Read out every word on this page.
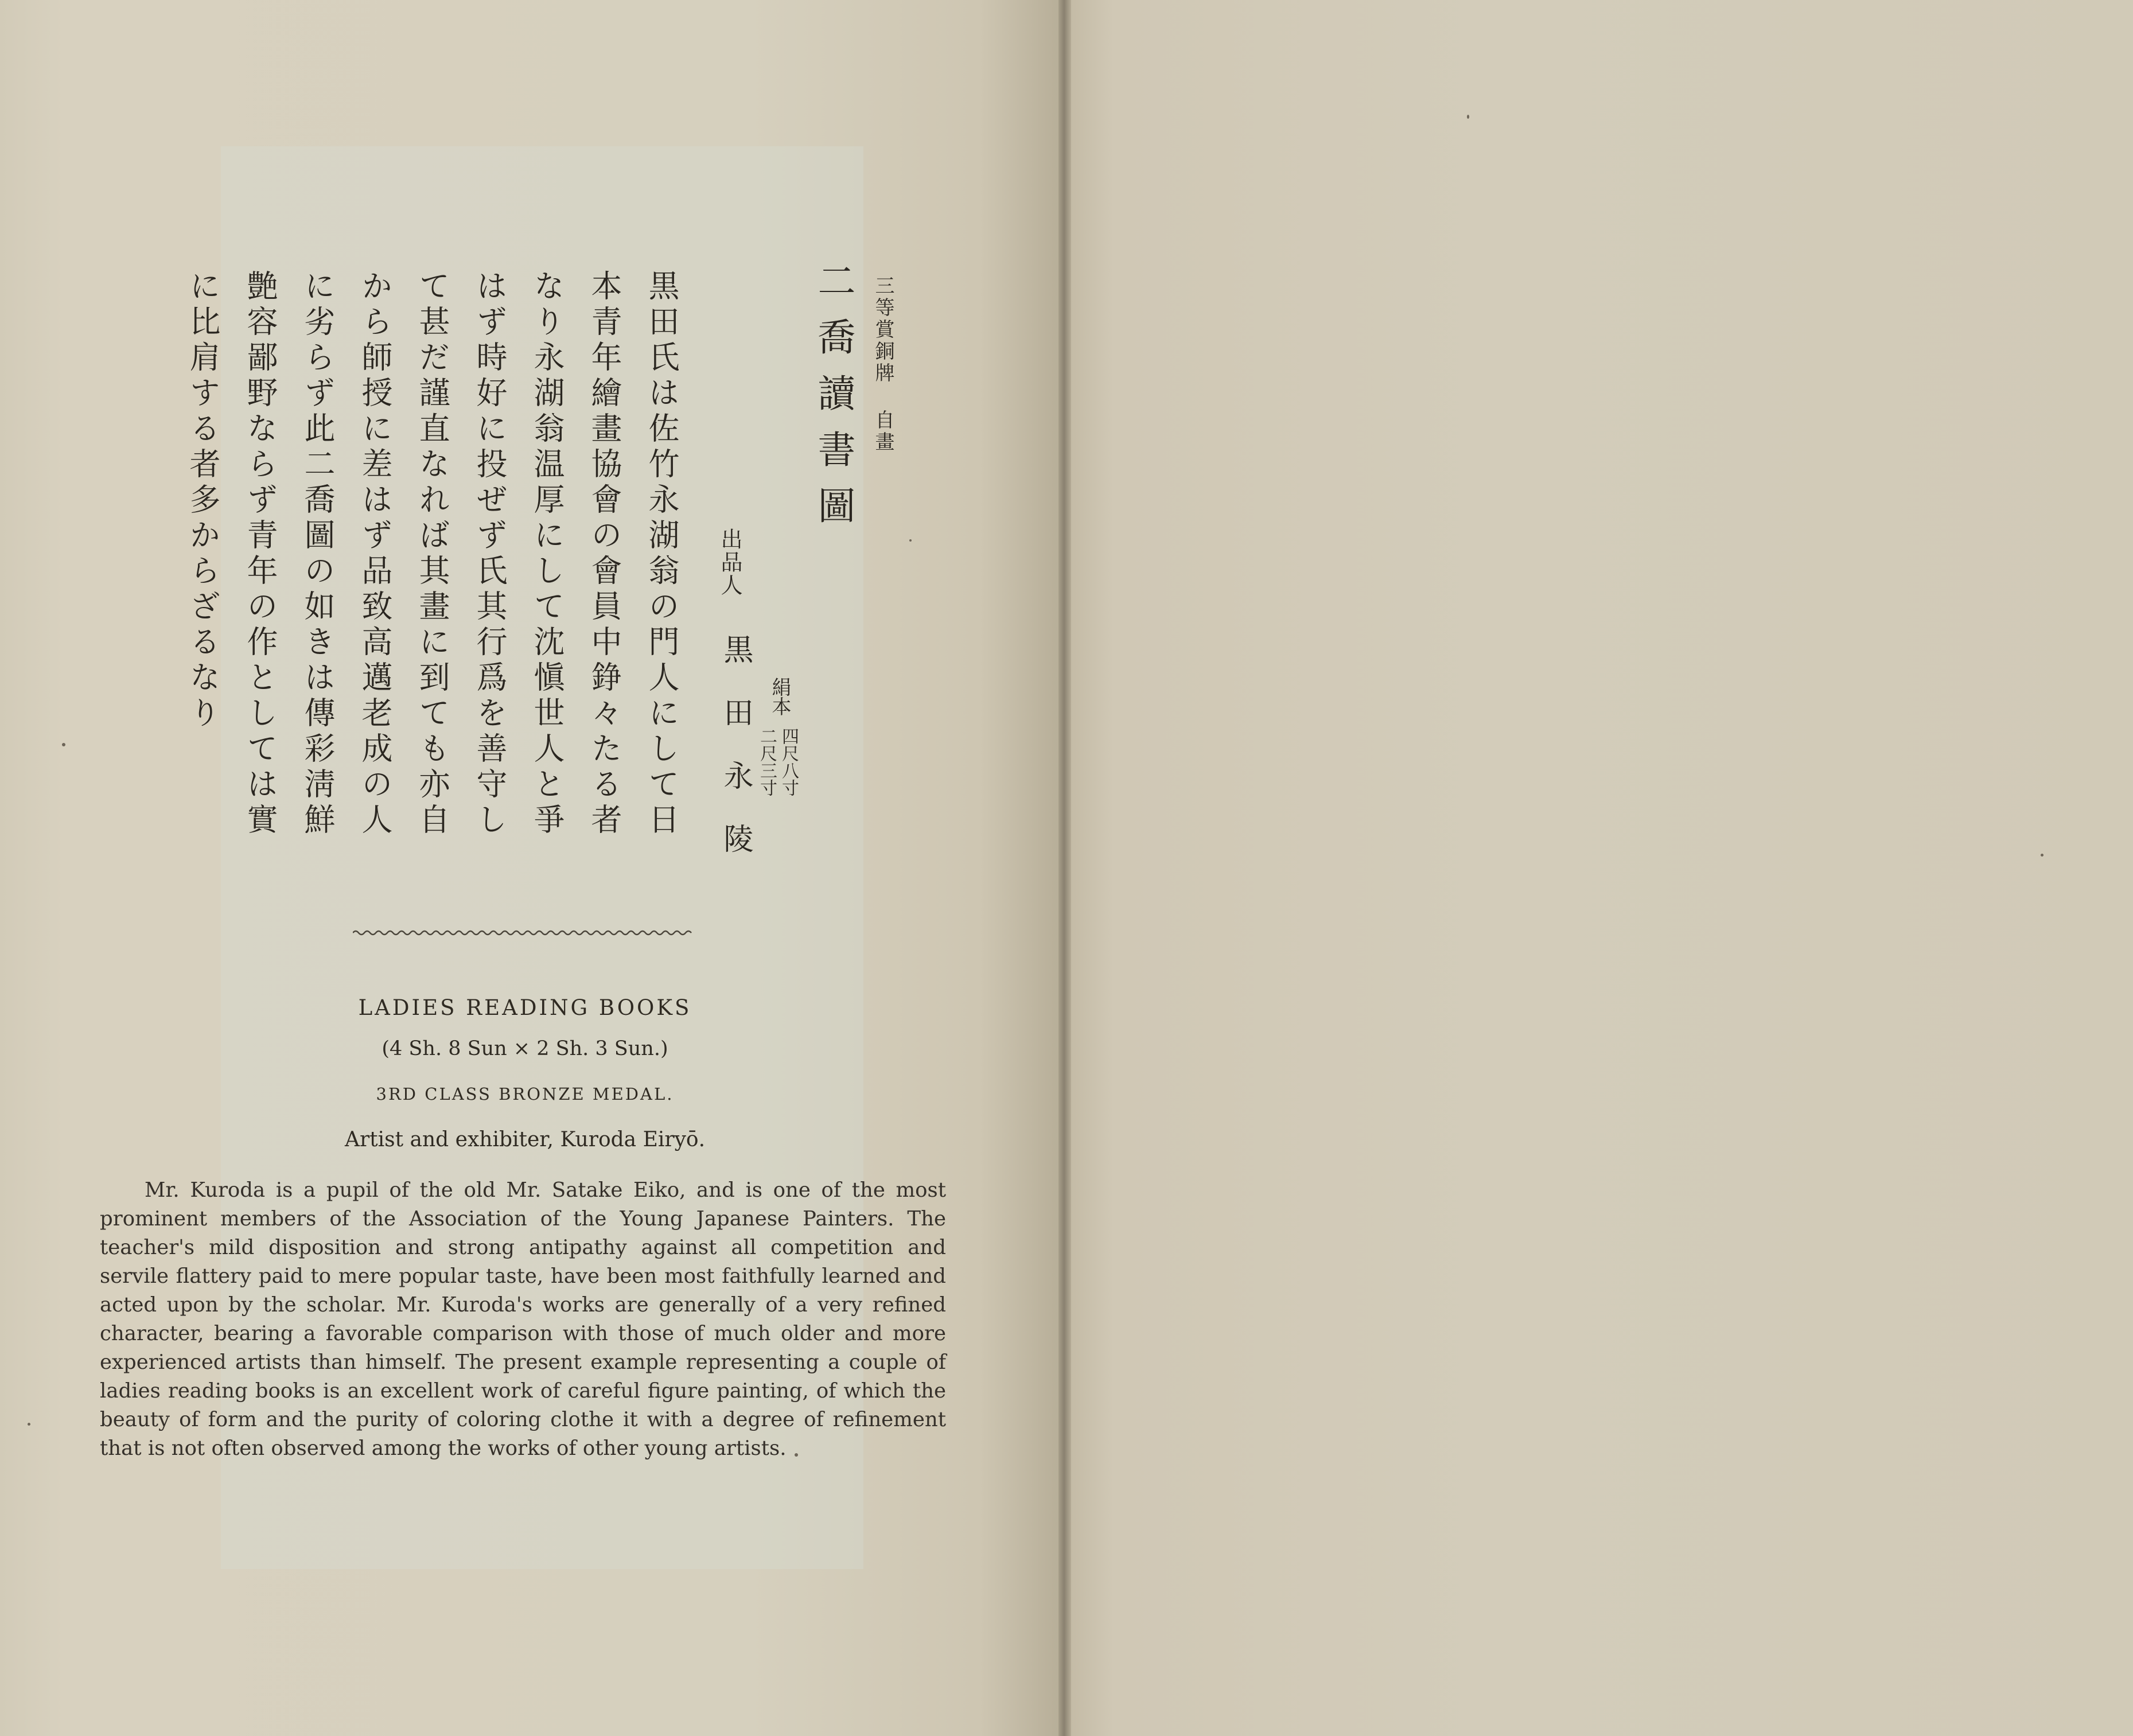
三等賞銅牌 自畫
二喬讀書圖
絹本
四尺八寸
二尺三寸
出品人
黒田永陵
黒田氏は佐竹永湖翁の門人にして日
本青年繪畫協會の會員中錚々たる者
なり永湖翁温厚にして沈愼世人と爭
はず時好に投ぜず氏其行爲を善守し
て甚だ謹直なれば其畫に到ても亦自
から師授に差はず品致高邁老成の人
に劣らず此二喬圖の如きは傳彩淸鮮
艶容鄙野ならず青年の作としては實
に比肩する者多からざるなり
LADIES READING BOOKS
(4 Sh. 8 Sun × 2 Sh. 3 Sun.)
3RD CLASS BRONZE MEDAL.
Artist and exhibiter, Kuroda Eiryō.
Mr. Kuroda is a pupil of the old Mr. Satake Eiko, and is one of the most prominent members of the Association of the Young Japanese Painters. The teacher's mild disposition and strong antipathy against all competition and servile flattery paid to mere popular taste, have been most faithfully learned and acted upon by the scholar. Mr. Kuroda's works are generally of a very refined character, bearing a favorable comparison with those of much older and more experienced artists than himself. The present example representing a couple of ladies reading books is an excellent work of careful figure painting, of which the beauty of form and the purity of coloring clothe it with a degree of refinement that is not often observed among the works of other young artists.
